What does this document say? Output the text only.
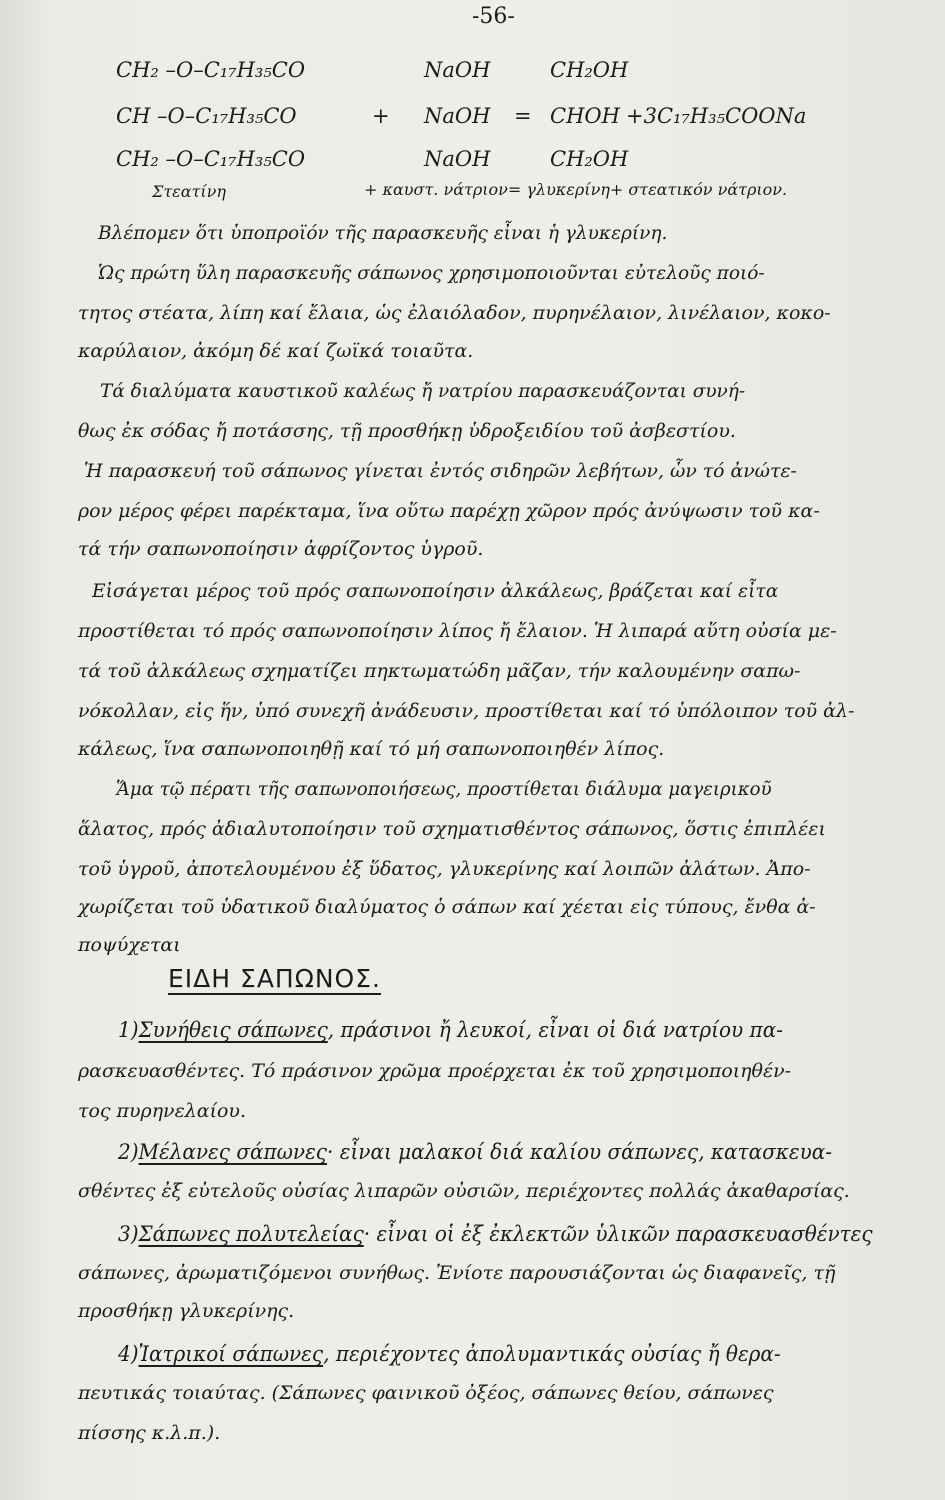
-56-
CH₂ –O–C₁₇H₃₅CO
CH –O–C₁₇H₃₅CO
CH₂ –O–C₁₇H₃₅CO
+
NaOH
NaOH
NaOH
=
CH₂OH
CHOH
CH₂OH
+3C₁₇H₃₅COONa
Στεατίνη	+ καυστ. νάτριον= γλυκερίνη+ στεατικόν νάτριον.
Βλέπομεν ὅτι ὑποπροϊόν τῆς παρασκευῆς εἶναι ἡ γλυκερίνη.
Ὡς πρώτη ὕλη παρασκευῆς σάπωνος χρησιμοποιοῦνται εὐτελοῦς ποιό-
τητος στέατα, λίπη καί ἔλαια, ὡς ἐλαιόλαδον, πυρηνέλαιον, λινέλαιον, κοκο-
καρύλαιον, ἀκόμη δέ καί ζωϊκά τοιαῦτα.
Τά διαλύματα καυστικοῦ καλέως ἤ νατρίου παρασκευάζονται συνή-
θως ἐκ σόδας ἤ ποτάσσης, τῇ προσθήκῃ ὑδροξειδίου τοῦ ἀσβεστίου.
Ἡ παρασκευή τοῦ σάπωνος γίνεται ἐντός σιδηρῶν λεβήτων, ὧν τό ἀνώτε-
ρον μέρος φέρει παρέκταμα, ἵνα οὕτω παρέχῃ χῶρον πρός ἀνύψωσιν τοῦ κα-
τά τήν σαπωνοποίησιν ἀφρίζοντος ὑγροῦ.
Εἰσάγεται μέρος τοῦ πρός σαπωνοποίησιν ἀλκάλεως, βράζεται καί εἶτα
προστίθεται τό πρός σαπωνοποίησιν λίπος ἤ ἔλαιον. Ἡ λιπαρά αὕτη οὐσία με-
τά τοῦ ἀλκάλεως σχηματίζει πηκτωματώδη μᾶζαν, τήν καλουμένην σαπω-
νόκολλαν, εἰς ἥν, ὑπό συνεχῆ ἀνάδευσιν, προστίθεται καί τό ὑπόλοιπον τοῦ ἀλ-
κάλεως, ἵνα σαπωνοποιηθῇ καί τό μή σαπωνοποιηθέν λίπος.
Ἅμα τῷ πέρατι τῆς σαπωνοποιήσεως, προστίθεται διάλυμα μαγειρικοῦ
ἅλατος, πρός ἀδιαλυτοποίησιν τοῦ σχηματισθέντος σάπωνος, ὅστις ἐπιπλέει
τοῦ ὑγροῦ, ἀποτελουμένου ἐξ ὕδατος, γλυκερίνης καί λοιπῶν ἀλάτων. Ἀπο-
χωρίζεται τοῦ ὑδατικοῦ διαλύματος ὁ σάπων καί χέεται εἰς τύπους, ἔνθα ἀ-
ποψύχεται
ΕΙΔΗ ΣΑΠΩΝΟΣ.
1)Συνήθεις σάπωνες, πράσινοι ἤ λευκοί, εἶναι οἱ διά νατρίου πα-
ρασκευασθέντες. Τό πράσινον χρῶμα προέρχεται ἐκ τοῦ χρησιμοποιηθέν-
τος πυρηνελαίου.
2)Μέλανες σάπωνες· εἶναι μαλακοί διά καλίου σάπωνες, κατασκευα-
σθέντες ἐξ εὐτελοῦς οὐσίας λιπαρῶν οὐσιῶν, περιέχοντες πολλάς ἀκαθαρσίας.
3)Σάπωνες πολυτελείας· εἶναι οἱ ἐξ ἐκλεκτῶν ὑλικῶν παρασκευασθέντες
σάπωνες, ἀρωματιζόμενοι συνήθως. Ἐνίοτε παρουσιάζονται ὡς διαφανεῖς, τῇ
προσθήκῃ γλυκερίνης.
4)Ἰατρικοί σάπωνες, περιέχοντες ἀπολυμαντικάς οὐσίας ἤ θερα-
πευτικάς τοιαύτας. (Σάπωνες φαινικοῦ ὀξέος, σάπωνες θείου, σάπωνες
πίσσης κ.λ.π.).
